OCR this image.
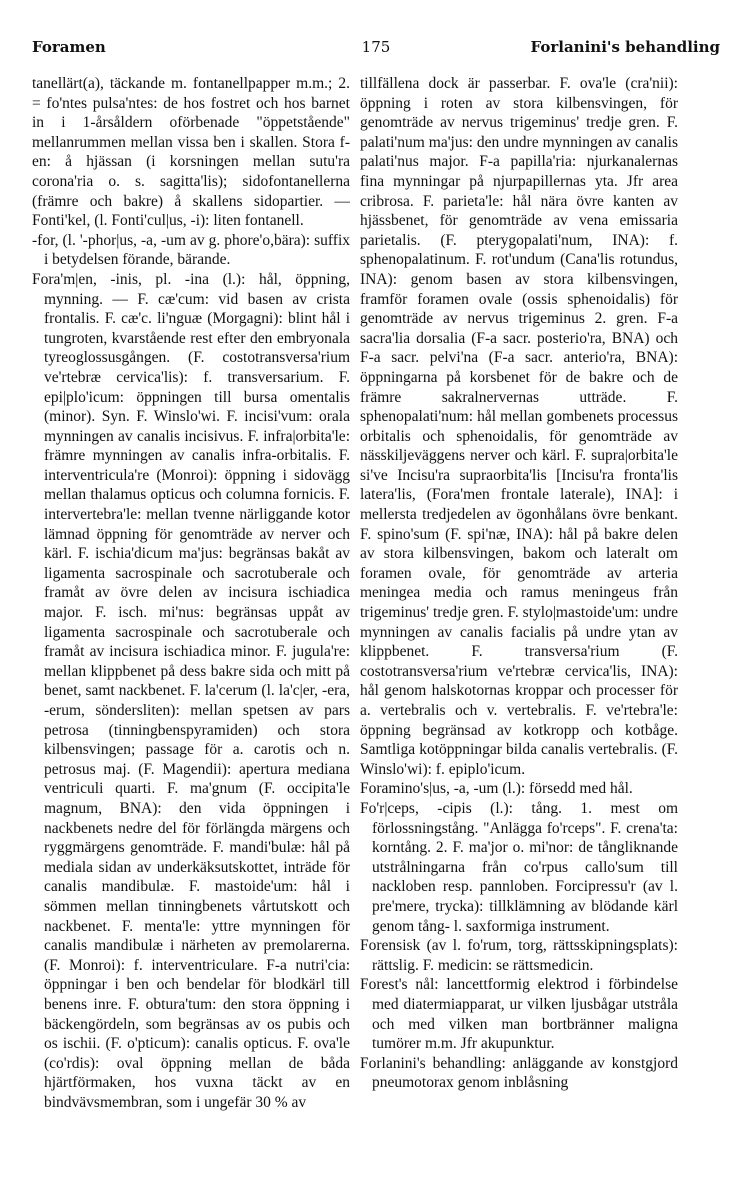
Foramen	175	Forlanini's behandling

tanellärt(a), täckande m. fontanellpapper m.m.; 2. = fo'ntes pulsa'ntes: de hos fostret och hos barnet in i 1-årsåldern oförbenade "öppetstående" mellanrummen mellan vissa ben i skallen. Stora f-en: å hjässan (i korsningen mellan sutu'ra corona'ria o. s. sagitta'lis); sidofontanellerna (främre och bakre) å skallens sidopartier. — Fonti'kel, (l. Fonti'cul|us, -i): liten fontanell.

-for, (l. '-phor|us, -a, -um av g. phore'o,bära): suffix i betydelsen förande, bärande.

Fora'm|en, -inis, pl. -ina (l.): hål, öppning, mynning. — F. cæ'cum: vid basen av crista frontalis. F. cæ'c. li'nguæ (Morgagni): blint hål i tungroten, kvarstående rest efter den embryonala tyreoglossusgången. (F. costotransversa'rium ve'rtebræ cervica'lis): f. transversarium. F. epi|plo'icum: öppningen till bursa omentalis (minor). Syn. F. Winslo'wi. F. incisi'vum: orala mynningen av canalis incisivus. F. infra|orbita'le: främre mynningen av canalis infra-orbitalis. F. interventricula're (Monroi): öppning i sidovägg mellan thalamus opticus och columna fornicis. F. intervertebra'le: mellan tvenne närliggande kotor lämnad öppning för genomträde av nerver och kärl. F. ischia'dicum ma'jus: begränsas bakåt av ligamenta sacrospinale och sacrotuberale och framåt av övre delen av incisura ischiadica major. F. isch. mi'nus: begränsas uppåt av ligamenta sacrospinale och sacrotuberale och framåt av incisura ischiadica minor. F. jugula're: mellan klippbenet på dess bakre sida och mitt på benet, samt nackbenet. F. la'cerum (l. la'c|er, -era, -erum, söndersliten): mellan spetsen av pars petrosa (tinningbenspyramiden) och stora kilbensvingen; passage för a. carotis och n. petrosus maj. (F. Magendii): apertura mediana ventriculi quarti. F. ma'gnum (F. occipita'le magnum, BNA): den vida öppningen i nackbenets nedre del för förlängda märgens och ryggmärgens genomträde. F. mandi'bulæ: hål på mediala sidan av underkäksutskottet, inträde för canalis mandibulæ. F. mastoide'um: hål i sömmen mellan tinningbenets vårtutskott och nackbenet. F. menta'le: yttre mynningen för canalis mandibulæ i närheten av premolarerna. (F. Monroi): f. interventriculare. F-a nutri'cia: öppningar i ben och bendelar för blodkärl till benens inre. F. obtura'tum: den stora öppning i bäckengördeln, som begränsas av os pubis och os ischii. (F. o'pticum): canalis opticus. F. ova'le (co'rdis): oval öppning mellan de båda hjärtförmaken, hos vuxna täckt av en bindvävsmembran, som i ungefär 30 % av

tillfällena dock är passerbar. F. ova'le (cra'nii): öppning i roten av stora kilbensvingen, för genomträde av nervus trigeminus' tredje gren. F. palati'num ma'jus: den undre mynningen av canalis palati'nus major. F-a papilla'ria: njurkanalernas fina mynningar på njurpapillernas yta. Jfr area cribrosa. F. parieta'le: hål nära övre kanten av hjässbenet, för genomträde av vena emissaria parietalis. (F. pterygopalati'num, INA): f. sphenopalatinum. F. rot'undum (Cana'lis rotundus, INA): genom basen av stora kilbensvingen, framför foramen ovale (ossis sphenoidalis) för genomträde av nervus trigeminus 2. gren. F-a sacra'lia dorsalia (F-a sacr. posterio'ra, BNA) och F-a sacr. pelvi'na (F-a sacr. anterio'ra, BNA): öppningarna på korsbenet för de bakre och de främre sakralnervernas utträde. F. sphenopalati'num: hål mellan gombenets processus orbitalis och sphenoidalis, för genomträde av nässkiljeväggens nerver och kärl. F. supra|orbita'le si've Incisu'ra supraorbita'lis [Incisu'ra fronta'lis latera'lis, (Fora'men frontale laterale), INA]: i mellersta tredjedelen av ögonhålans övre benkant. F. spino'sum (F. spi'næ, INA): hål på bakre delen av stora kilbensvingen, bakom och lateralt om foramen ovale, för genomträde av arteria meningea media och ramus meningeus från trigeminus' tredje gren. F. stylo|mastoide'um: undre mynningen av canalis facialis på undre ytan av klippbenet. F. transversa'rium (F. costotransversa'rium ve'rtebræ cervica'lis, INA): hål genom halskotornas kroppar och processer för a. vertebralis och v. vertebralis. F. ve'rtebra'le: öppning begränsad av kotkropp och kotbåge. Samtliga kotöppningar bilda canalis vertebralis. (F. Winslo'wi): f. epiplo'icum.

Foramino's|us, -a, -um (l.): försedd med hål.

Fo'r|ceps, -cipis (l.): tång. 1. mest om förlossningstång. "Anlägga fo'rceps". F. crena'ta: korntång. 2. F. ma'jor o. mi'nor: de tångliknande utstrålningarna från co'rpus callo'sum till nackloben resp. pannloben. Forcipressu'r (av l. pre'mere, trycka): tillklämning av blödande kärl genom tång- l. saxformiga instrument.

Forensisk (av l. fo'rum, torg, rättsskipningsplats): rättslig. F. medicin: se rättsmedicin.

Forest's nål: lancettformig elektrod i förbindelse med diatermiapparat, ur vilken ljusbågar utstråla och med vilken man bortbränner maligna tumörer m.m. Jfr akupunktur.

Forlanini's behandling: anläggande av konstgjord pneumotorax genom inblåsning
